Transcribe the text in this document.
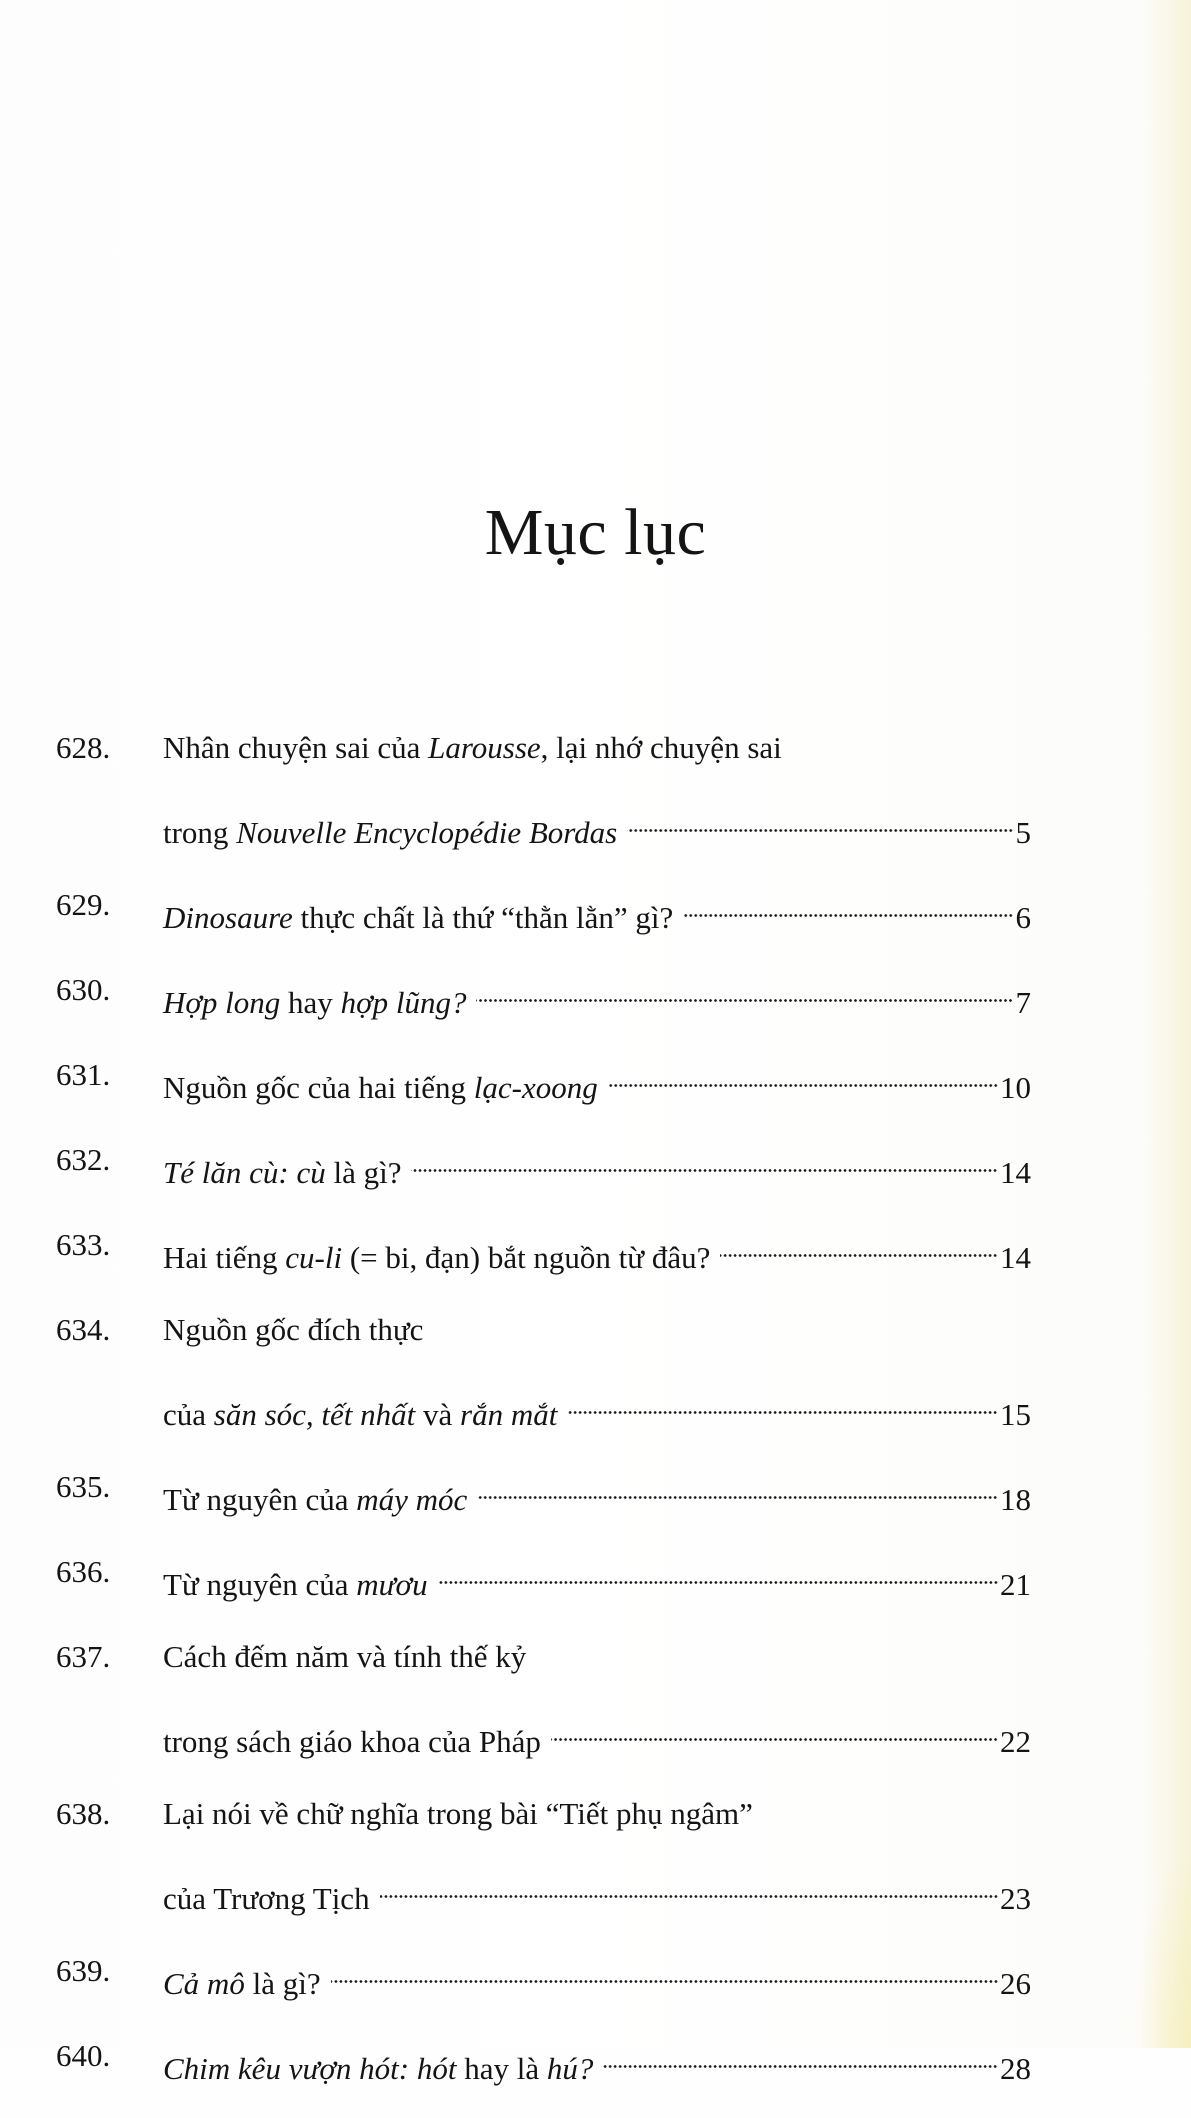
Mục lục
628.	Nhân chuyện sai của Larousse, lại nhớ chuyện sai
trong Nouvelle Encyclopédie Bordas	5
629.	Dinosaure thực chất là thứ “thằn lằn” gì?	6
630.	Hợp long hay hợp lũng?	7
631.	Nguồn gốc của hai tiếng lạc-xoong	10
632.	Té lăn cù: cù là gì?	14
633.	Hai tiếng cu-li (= bi, đạn) bắt nguồn từ đâu?	14
634.	Nguồn gốc đích thực
của săn sóc, tết nhất và rắn mắt	15
635.	Từ nguyên của máy móc	18
636.	Từ nguyên của mươu	21
637.	Cách đếm năm và tính thế kỷ
trong sách giáo khoa của Pháp	22
638.	Lại nói về chữ nghĩa trong bài “Tiết phụ ngâm”
của Trương Tịch	23
639.	Cả mô là gì?	26
640.	Chim kêu vượn hót: hót hay là hú?	28
